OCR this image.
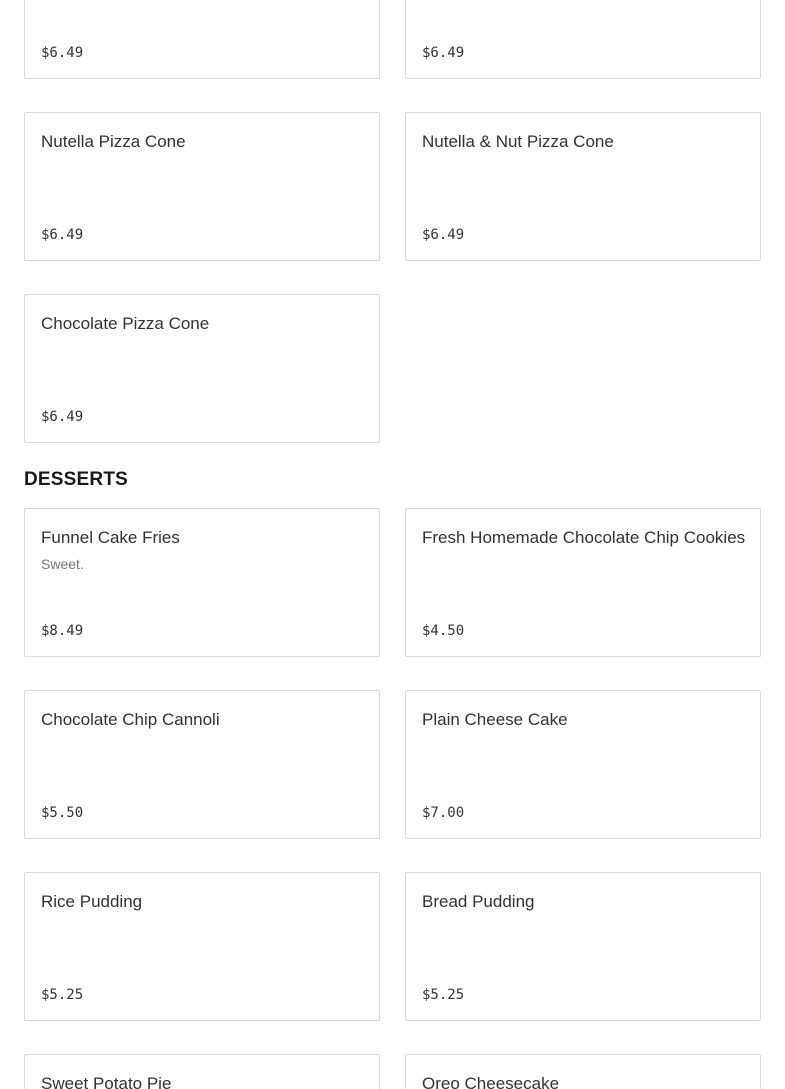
$6.49	$6.49
Nutella Pizza Cone
$6.49
Nutella & Nut Pizza Cone
$6.49
Chocolate Pizza Cone
$6.49
DESSERTS
Funnel Cake Fries
Sweet.
$8.49
Fresh Homemade Chocolate Chip Cookies
$4.50
Chocolate Chip Cannoli
$5.50
Plain Cheese Cake
$7.00
Rice Pudding
$5.25
Bread Pudding
$5.25
Sweet Potato Pie	Oreo Cheesecake
